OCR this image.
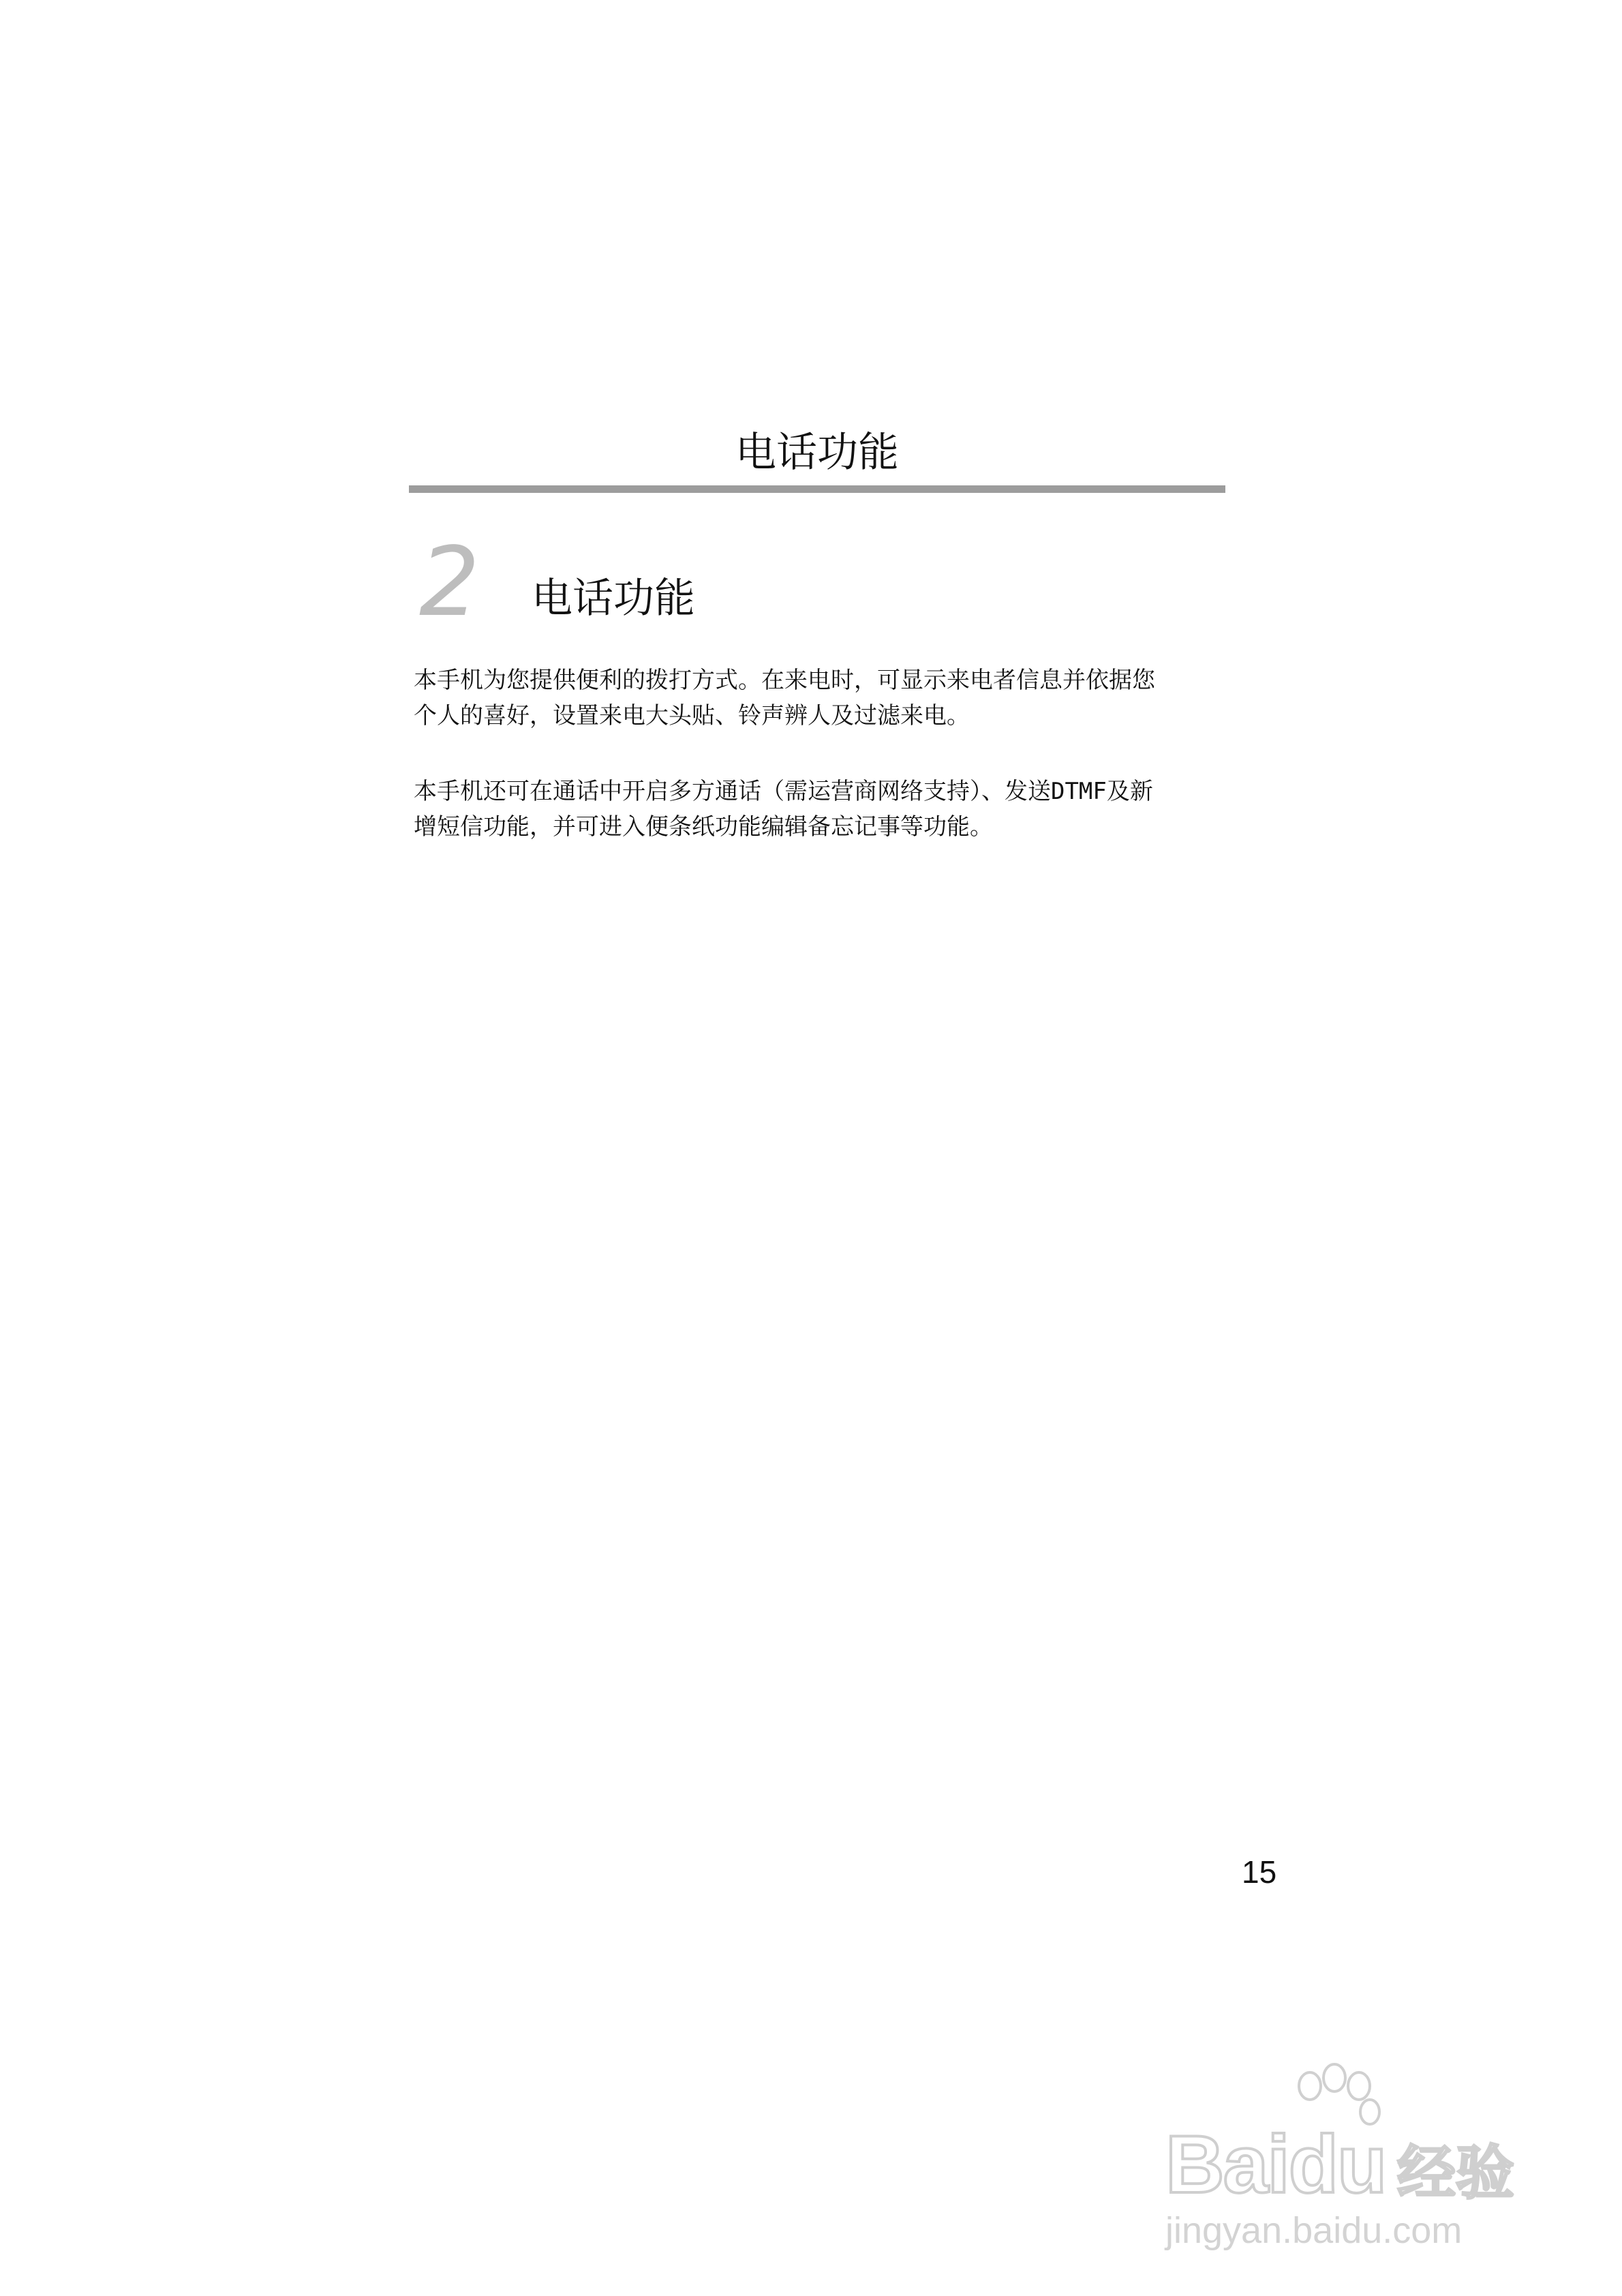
电话功能
2 电话功能

本手机为您提供便利的拨打方式。在来电时，可显示来电者信息并依据您
个人的喜好，设置来电大头贴、铃声辨人及过滤来电。

本手机还可在通话中开启多方通话（需运营商网络支持）、发送DTMF及新
增短信功能，并可进入便条纸功能编辑备忘记事等功能。

15
Baidu 经验
jingyan.baidu.com
